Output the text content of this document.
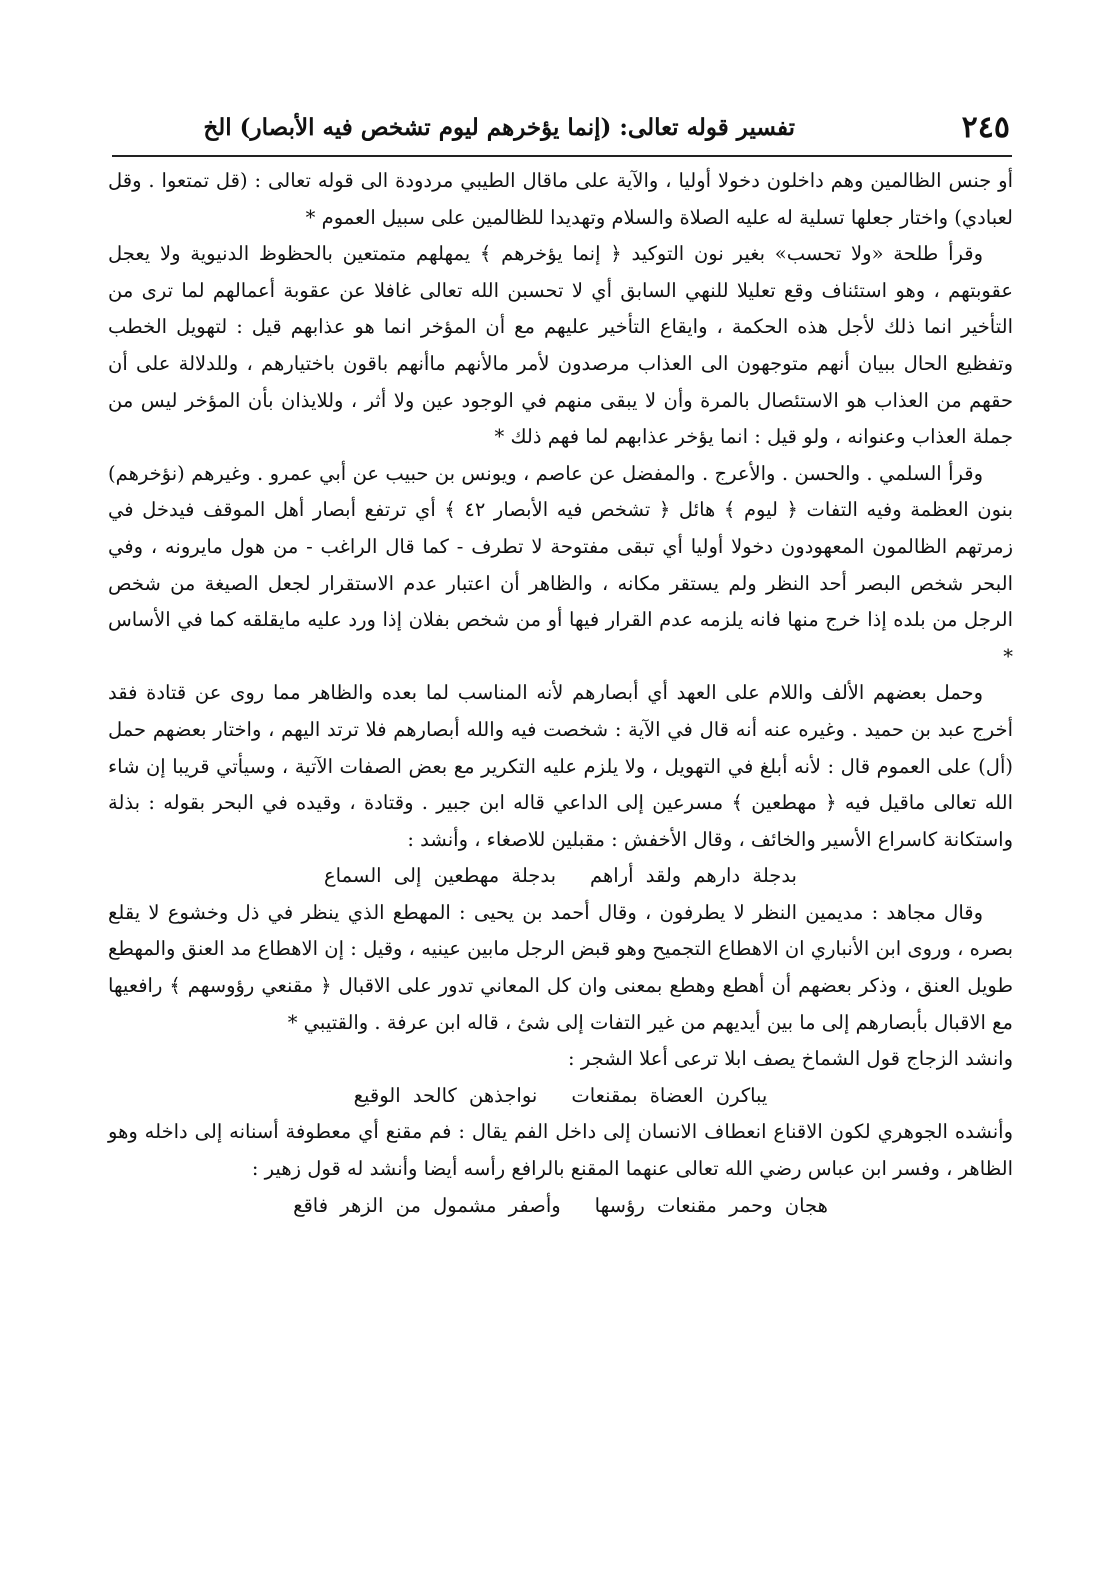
٢٤٥
تفسير قوله تعالى: (إنما يؤخرهم ليوم تشخص فيه الأبصار) الخ

أو جنس الظالمين وهم داخلون دخولا أوليا ، والآية على ماقال الطيبي مردودة الى قوله تعالى : (قل تمتعوا . وقل لعبادي) واختار جعلها تسلية له عليه الصلاة والسلام وتهديدا للظالمين على سبيل العموم *

وقرأ طلحة «ولا تحسب» بغير نون التوكيد ﴿ إنما يؤخرهم ﴾ يمهلهم متمتعين بالحظوظ الدنيوية ولا يعجل عقوبتهم ، وهو استئناف وقع تعليلا للنهي السابق أي لا تحسبن الله تعالى غافلا عن عقوبة أعمالهم لما ترى من التأخير انما ذلك لأجل هذه الحكمة ، وايقاع التأخير عليهم مع أن المؤخر انما هو عذابهم قيل : لتهويل الخطب وتفظيع الحال ببيان أنهم متوجهون الى العذاب مرصدون لأمر مالأنهم ماأنهم باقون باختيارهم ، وللدلالة على أن حقهم من العذاب هو الاستئصال بالمرة وأن لا يبقى منهم في الوجود عين ولا أثر ، وللايذان بأن المؤخر ليس من جملة العذاب وعنوانه ، ولو قيل : انما يؤخر عذابهم لما فهم ذلك *

وقرأ السلمي . والحسن . والأعرج . والمفضل عن عاصم ، ويونس بن حبيب عن أبي عمرو . وغيرهم (نؤخرهم) بنون العظمة وفيه التفات ﴿ ليوم ﴾ هائل ﴿ تشخص فيه الأبصار ٤٢ ﴾ أي ترتفع أبصار أهل الموقف فيدخل في زمرتهم الظالمون المعهودون دخولا أوليا أي تبقى مفتوحة لا تطرف - كما قال الراغب - من هول مايرونه ، وفي البحر شخص البصر أحد النظر ولم يستقر مكانه ، والظاهر أن اعتبار عدم الاستقرار لجعل الصيغة من شخص الرجل من بلده إذا خرج منها فانه يلزمه عدم القرار فيها أو من شخص بفلان إذا ورد عليه مايقلقه كما في الأساس *

وحمل بعضهم الألف واللام على العهد أي أبصارهم لأنه المناسب لما بعده والظاهر مما روى عن قتادة فقد أخرج عبد بن حميد . وغيره عنه أنه قال في الآية : شخصت فيه والله أبصارهم فلا ترتد اليهم ، واختار بعضهم حمل (أل) على العموم قال : لأنه أبلغ في التهويل ، ولا يلزم عليه التكرير مع بعض الصفات الآتية ، وسيأتي قريبا إن شاء الله تعالى ماقيل فيه ﴿ مهطعين ﴾ مسرعين إلى الداعي قاله ابن جبير . وقتادة ، وقيده في البحر بقوله : بذلة واستكانة كاسراع الأسير والخائف ، وقال الأخفش : مقبلين للاصغاء ، وأنشد :

بدجلة دارهم ولقد أراهمبدجلة مهطعين إلى السماع

وقال مجاهد : مديمين النظر لا يطرفون ، وقال أحمد بن يحيى : المهطع الذي ينظر في ذل وخشوع لا يقلع بصره ، وروى ابن الأنباري ان الاهطاع التجميح وهو قبض الرجل مابين عينيه ، وقيل : إن الاهطاع مد العنق والمهطع طويل العنق ، وذكر بعضهم أن أهطع وهطع بمعنى وان كل المعاني تدور على الاقبال ﴿ مقنعي رؤوسهم ﴾ رافعيها مع الاقبال بأبصارهم إلى ما بين أيديهم من غير التفات إلى شئ ، قاله ابن عرفة . والقتيبي *

وانشد الزجاج قول الشماخ يصف ابلا ترعى أعلا الشجر :

يباكرن العضاة بمقنعاتنواجذهن كالحد الوقيع

وأنشده الجوهري لكون الاقناع انعطاف الانسان إلى داخل الفم يقال : فم مقنع أي معطوفة أسنانه إلى داخله وهو الظاهر ، وفسر ابن عباس رضي الله تعالى عنهما المقنع بالرافع رأسه أيضا وأنشد له قول زهير :

هجان وحمر مقنعات رؤسهاوأصفر مشمول من الزهر فاقع
